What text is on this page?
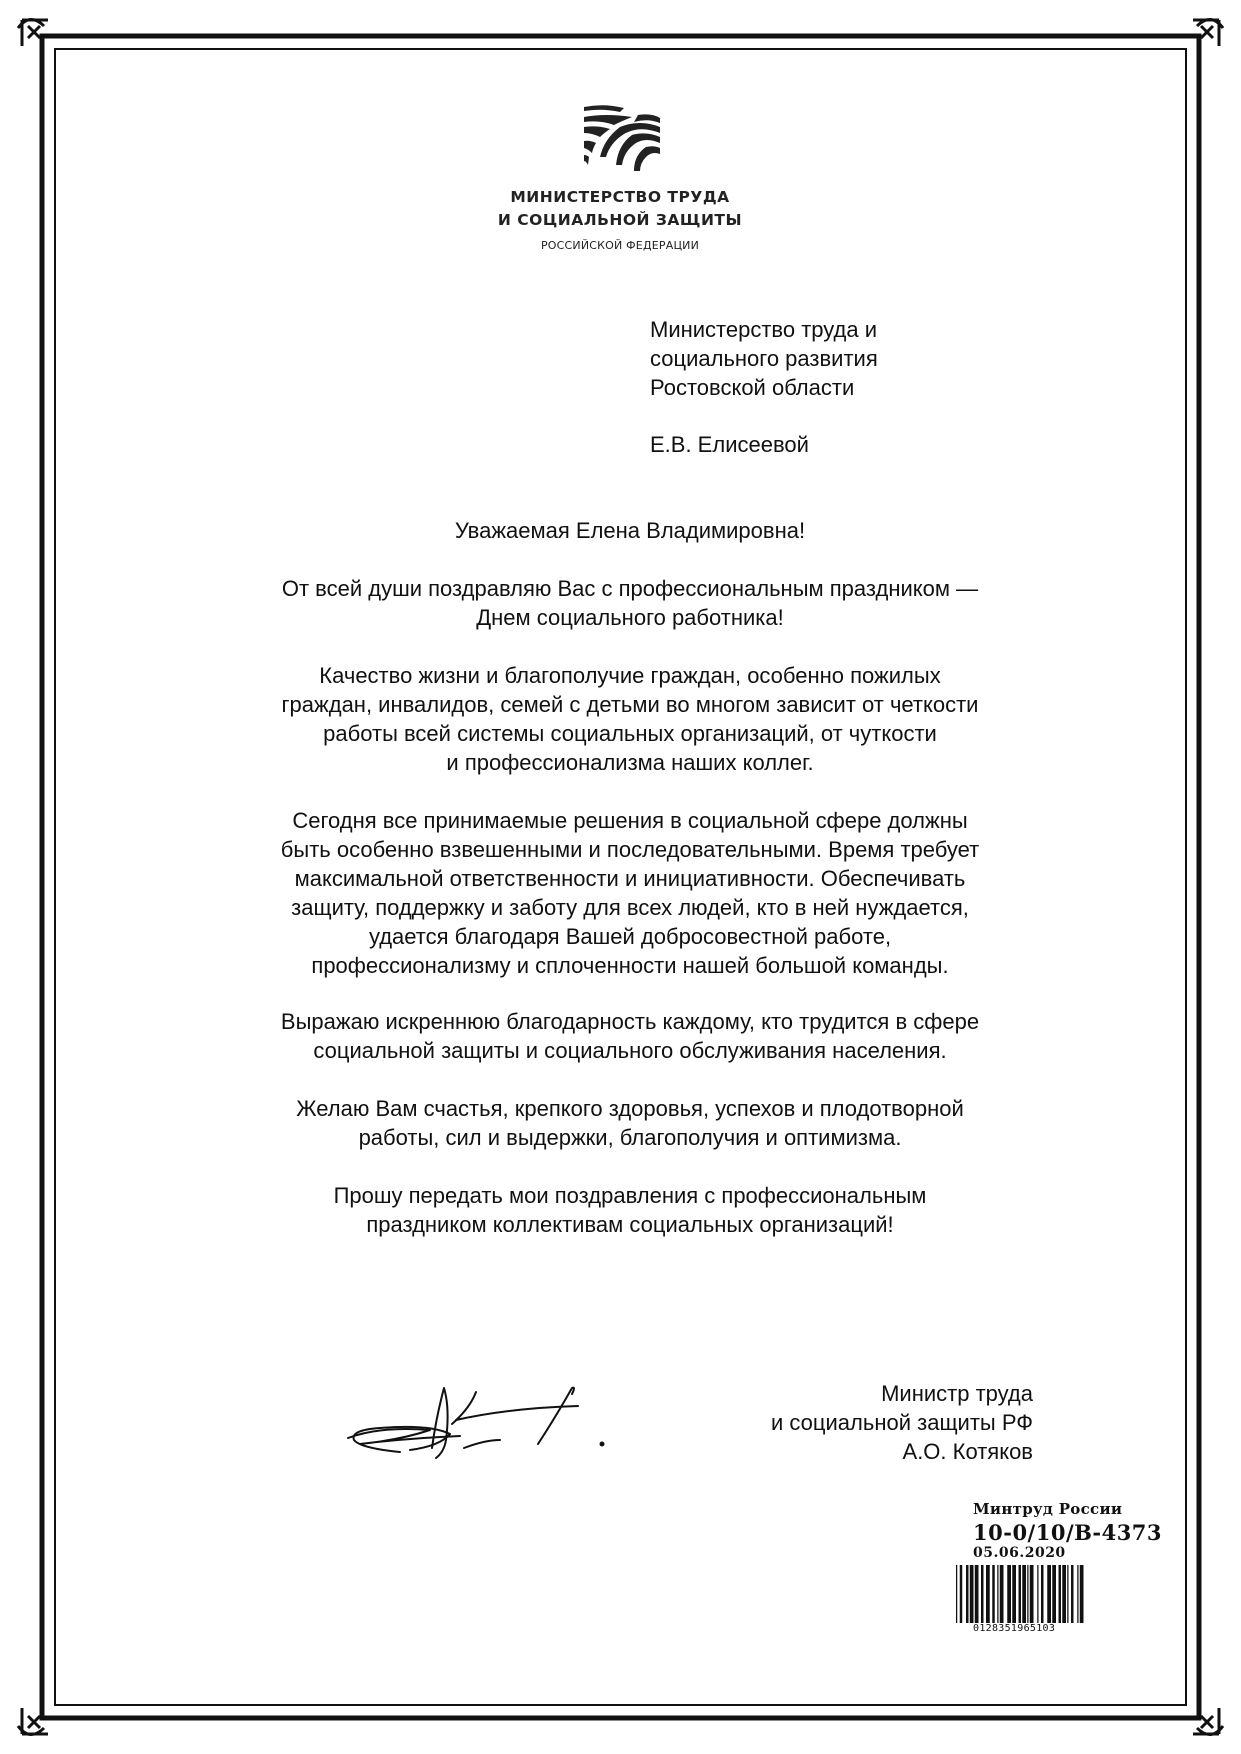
МИНИСТЕРСТВО ТРУДА
И СОЦИАЛЬНОЙ ЗАЩИТЫ
РОССИЙСКОЙ ФЕДЕРАЦИИ
Министерство труда и
социального развития
Ростовской области
Е.В. Елисеевой
Уважаемая Елена Владимировна!
От всей души поздравляю Вас с профессиональным праздником —
Днем социального работника!
Качество жизни и благополучие граждан, особенно пожилых
граждан, инвалидов, семей с детьми во многом зависит от четкости
работы всей системы социальных организаций, от чуткости
и профессионализма наших коллег.
Сегодня все принимаемые решения в социальной сфере должны
быть особенно взвешенными и последовательными. Время требует
максимальной ответственности и инициативности. Обеспечивать
защиту, поддержку и заботу для всех людей, кто в ней нуждается,
удается благодаря Вашей добросовестной работе,
профессионализму и сплоченности нашей большой команды.
Выражаю искреннюю благодарность каждому, кто трудится в сфере
социальной защиты и социального обслуживания населения.
Желаю Вам счастья, крепкого здоровья, успехов и плодотворной
работы, сил и выдержки, благополучия и оптимизма.
Прошу передать мои поздравления с профессиональным
праздником коллективам социальных организаций!
Министр труда
и социальной защиты РФ
А.О. Котяков
Минтруд России
10-0/10/В-4373
05.06.2020
0128351965103
